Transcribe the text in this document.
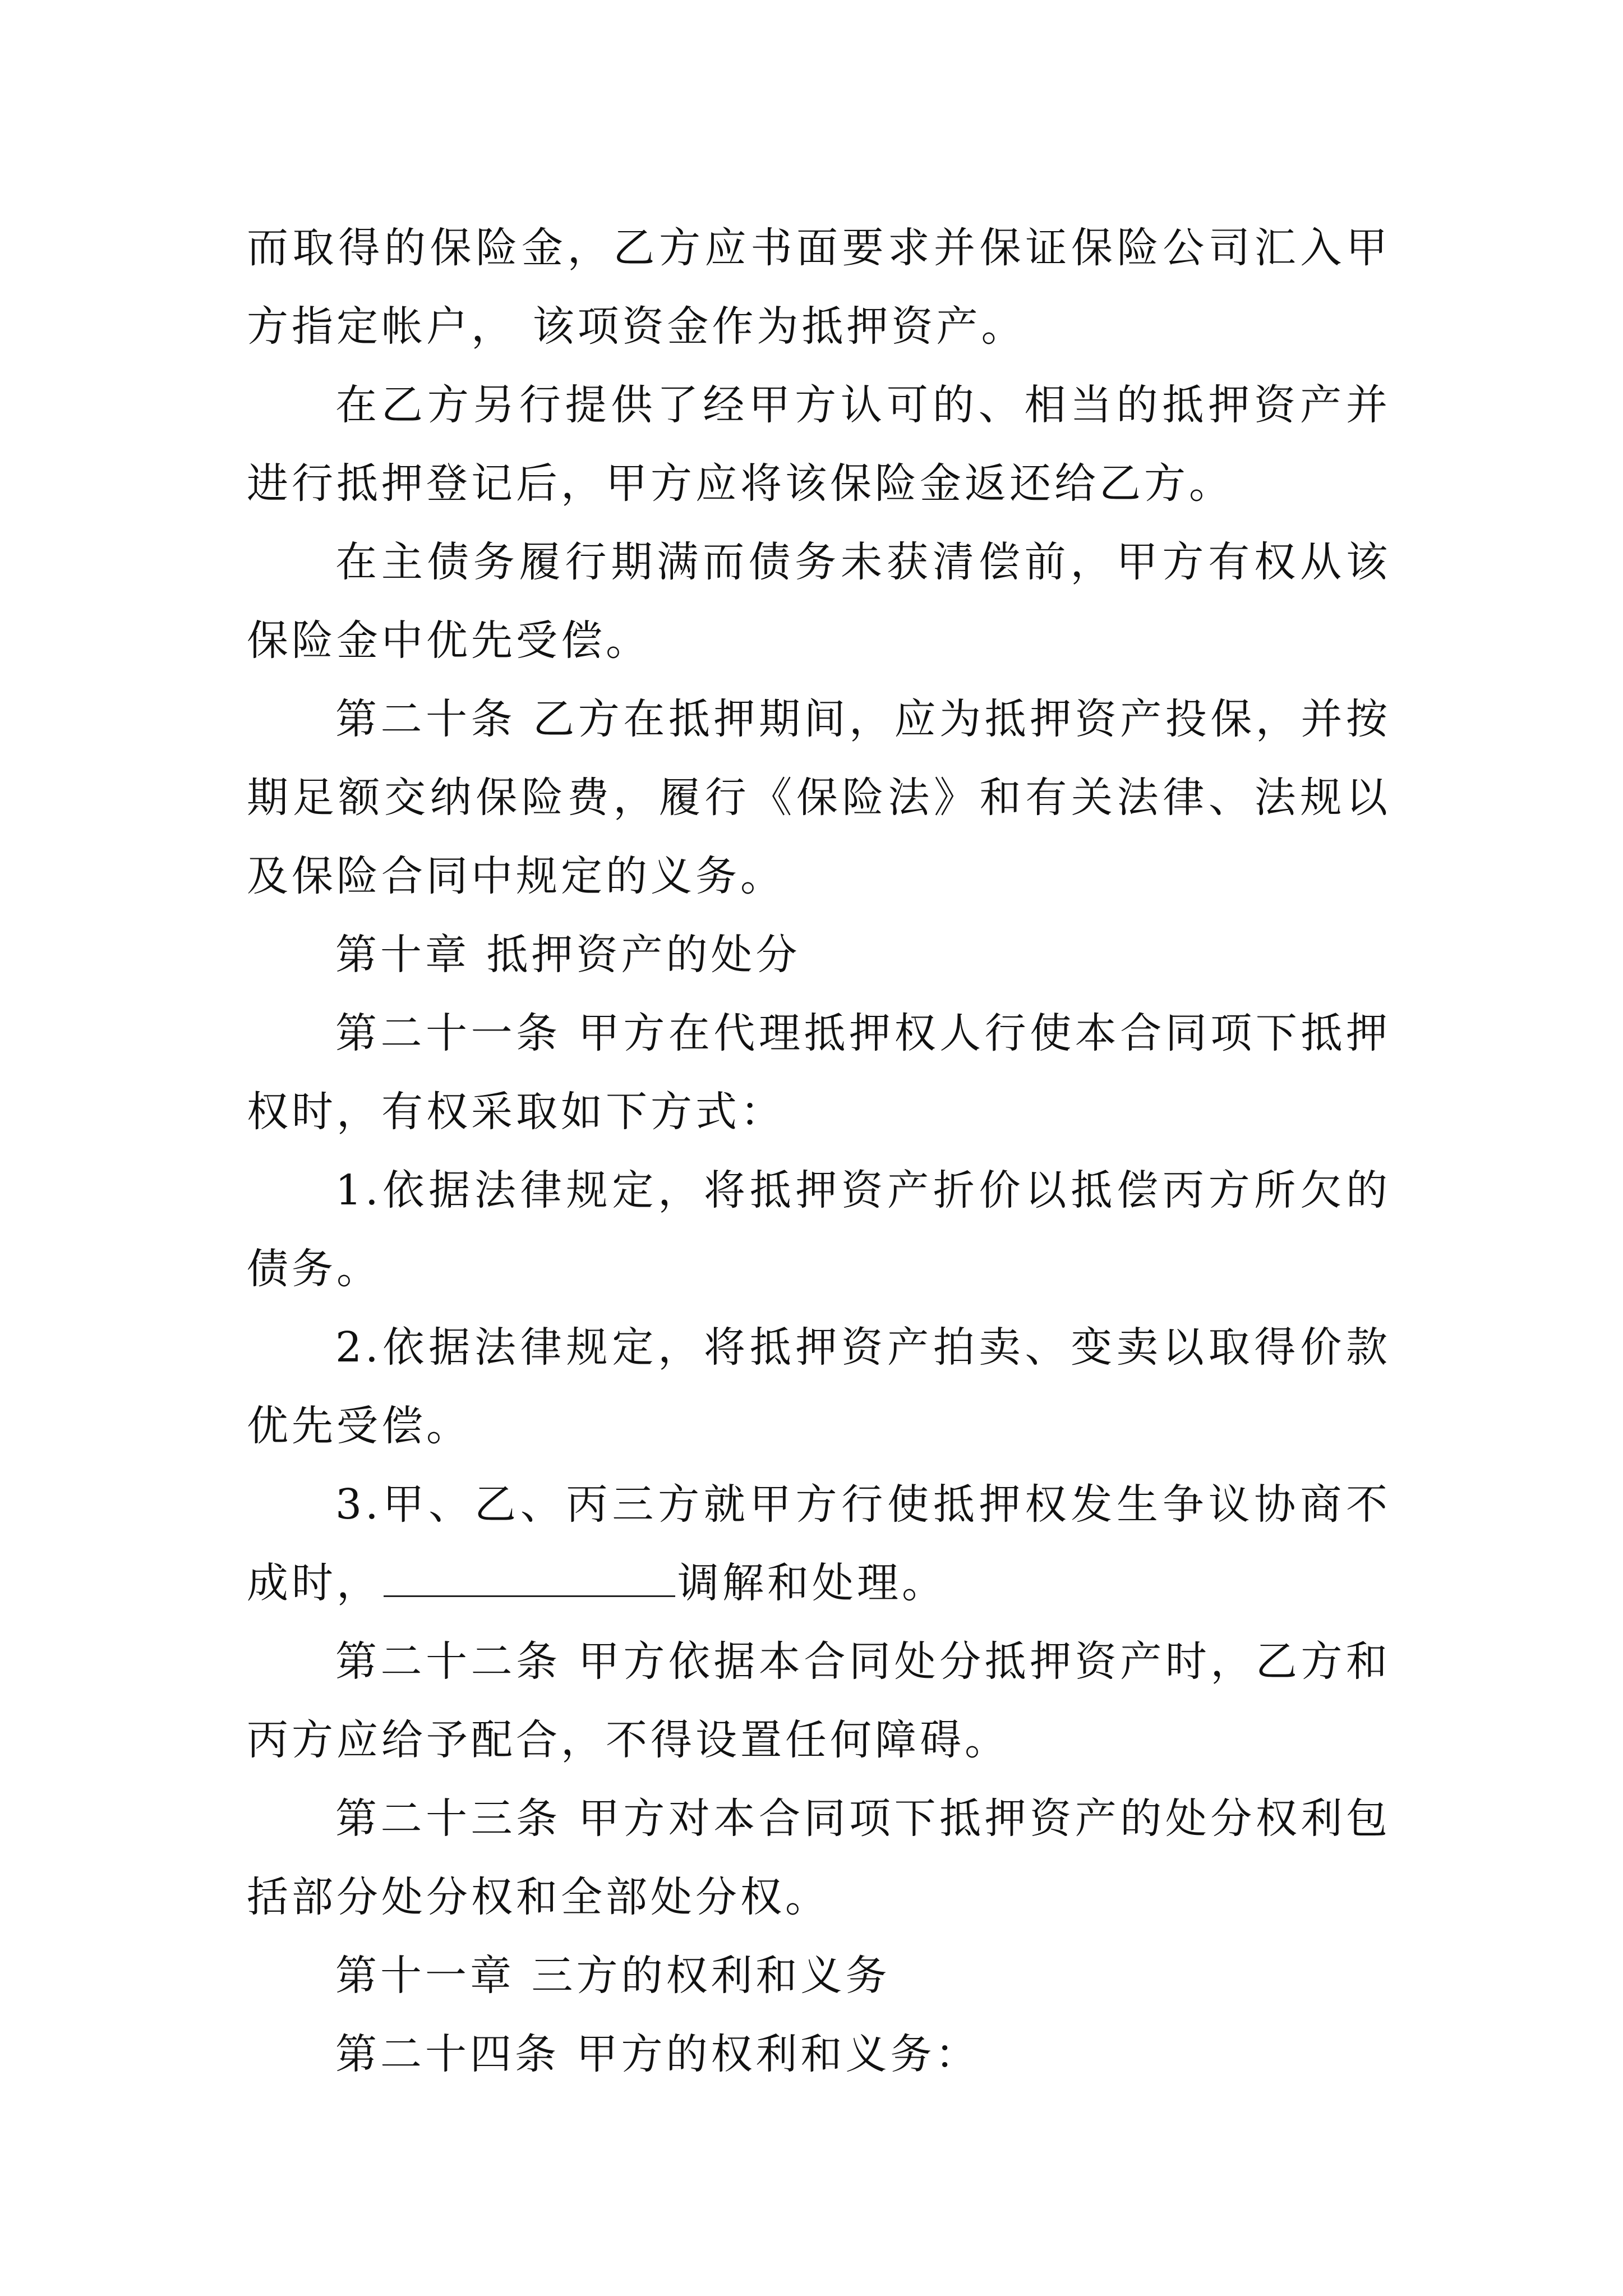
而取得的保险金，乙方应书面要求并保证保险公司汇入甲方指定帐户， 该项资金作为抵押资产。

在乙方另行提供了经甲方认可的、相当的抵押资产并进行抵押登记后，甲方应将该保险金返还给乙方。

在主债务履行期满而债务未获清偿前，甲方有权从该保险金中优先受偿。

第二十条 乙方在抵押期间，应为抵押资产投保，并按期足额交纳保险费，履行《保险法》和有关法律、法规以及保险合同中规定的义务。

第十章 抵押资产的处分

第二十一条 甲方在代理抵押权人行使本合同项下抵押权时，有权采取如下方式：

1.依据法律规定，将抵押资产折价以抵偿丙方所欠的债务。

2.依据法律规定，将抵押资产拍卖、变卖以取得价款优先受偿。

3.甲、乙、丙三方就甲方行使抵押权发生争议协商不成时，	调解和处理。

第二十二条 甲方依据本合同处分抵押资产时，乙方和丙方应给予配合，不得设置任何障碍。

第二十三条 甲方对本合同项下抵押资产的处分权利包括部分处分权和全部处分权。

第十一章 三方的权利和义务

第二十四条 甲方的权利和义务：
